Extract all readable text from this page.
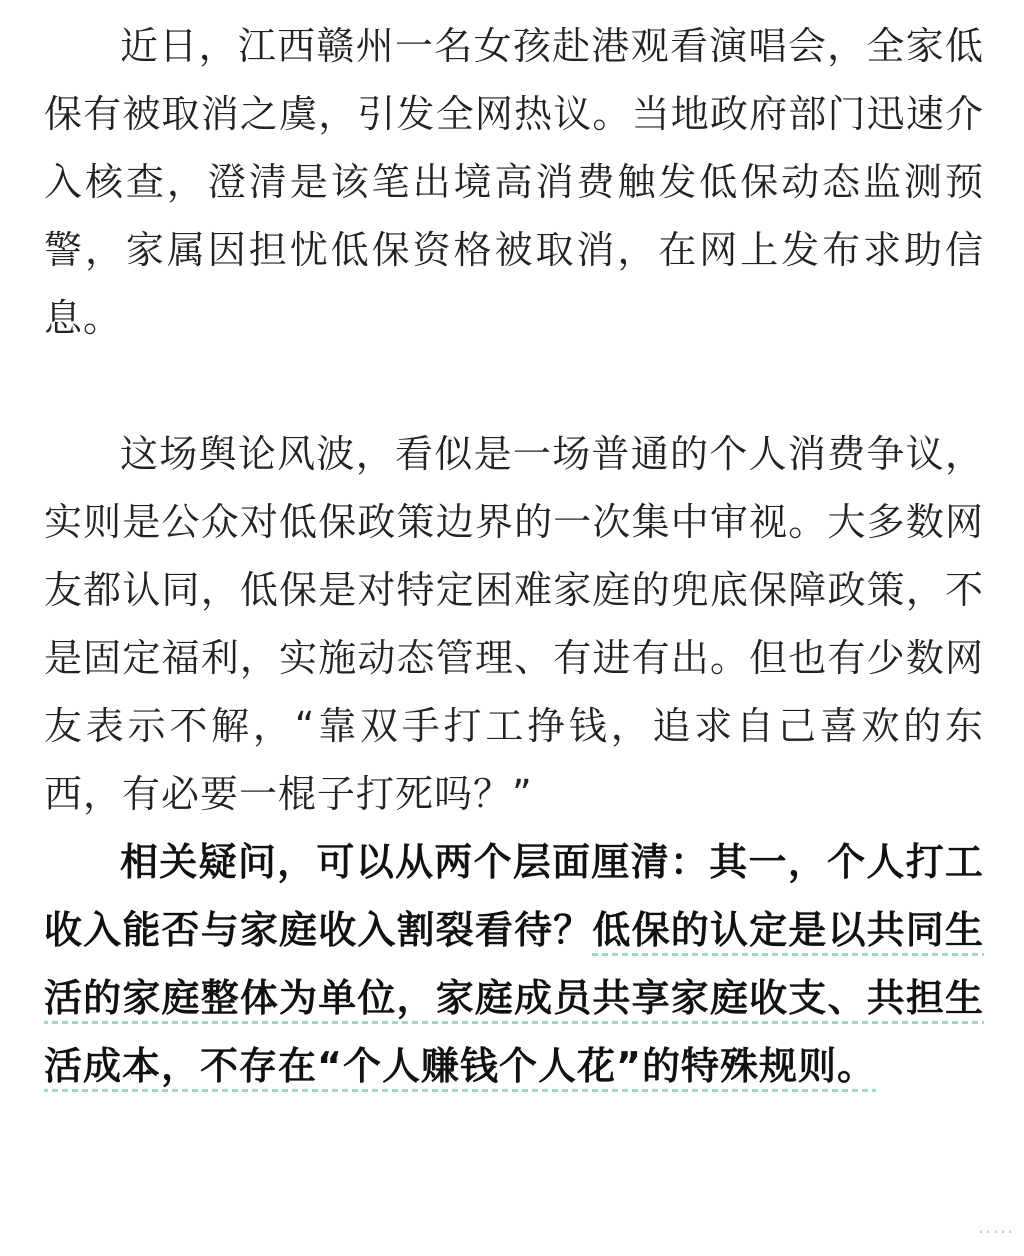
近日，江西赣州一名女孩赴港观看演唱会，全家低保有被取消之虞，引发全网热议。当地政府部门迅速介入核查，澄清是该笔出境高消费触发低保动态监测预警，家属因担忧低保资格被取消，在网上发布求助信息。

这场舆论风波，看似是一场普通的个人消费争议，实则是公众对低保政策边界的一次集中审视。大多数网友都认同，低保是对特定困难家庭的兜底保障政策，不是固定福利，实施动态管理、有进有出。但也有少数网友表示不解，“靠双手打工挣钱，追求自己喜欢的东西，有必要一棍子打死吗？”

相关疑问，可以从两个层面厘清：其一，个人打工收入能否与家庭收入割裂看待？低保的认定是以共同生活的家庭整体为单位，家庭成员共享家庭收支、共担生活成本，不存在“个人赚钱个人花”的特殊规则。

·····
